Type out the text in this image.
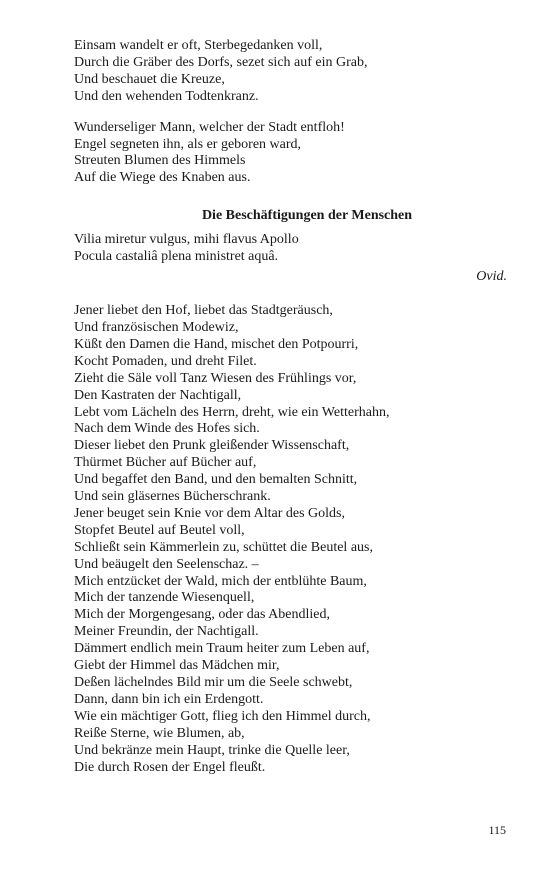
Einsam wandelt er oft, Sterbegedanken voll,
Durch die Gräber des Dorfs, sezet sich auf ein Grab,
Und beschauet die Kreuze,
Und den wehenden Todtenkranz.
Wunderseliger Mann, welcher der Stadt entfloh!
Engel segneten ihn, als er geboren ward,
Streuten Blumen des Himmels
Auf die Wiege des Knaben aus.
Die Beschäftigungen der Menschen
Vilia miretur vulgus, mihi flavus Apollo
Pocula castaliâ plena ministret aquâ.
Ovid.
Jener liebet den Hof, liebet das Stadtgeräusch,
Und französischen Modewiz,
Küßt den Damen die Hand, mischet den Potpourri,
Kocht Pomaden, und dreht Filet.
Zieht die Säle voll Tanz Wiesen des Frühlings vor,
Den Kastraten der Nachtigall,
Lebt vom Lächeln des Herrn, dreht, wie ein Wetterhahn,
Nach dem Winde des Hofes sich.
Dieser liebet den Prunk gleißender Wissenschaft,
Thürmet Bücher auf Bücher auf,
Und begaffet den Band, und den bemalten Schnitt,
Und sein gläsernes Bücherschrank.
Jener beuget sein Knie vor dem Altar des Golds,
Stopfet Beutel auf Beutel voll,
Schließt sein Kämmerlein zu, schüttet die Beutel aus,
Und beäugelt den Seelenschaz. –
Mich entzücket der Wald, mich der entblühte Baum,
Mich der tanzende Wiesenquell,
Mich der Morgengesang, oder das Abendlied,
Meiner Freundin, der Nachtigall.
Dämmert endlich mein Traum heiter zum Leben auf,
Giebt der Himmel das Mädchen mir,
Deßen lächelndes Bild mir um die Seele schwebt,
Dann, dann bin ich ein Erdengott.
Wie ein mächtiger Gott, flieg ich den Himmel durch,
Reiße Sterne, wie Blumen, ab,
Und bekränze mein Haupt, trinke die Quelle leer,
Die durch Rosen der Engel fleußt.
115
